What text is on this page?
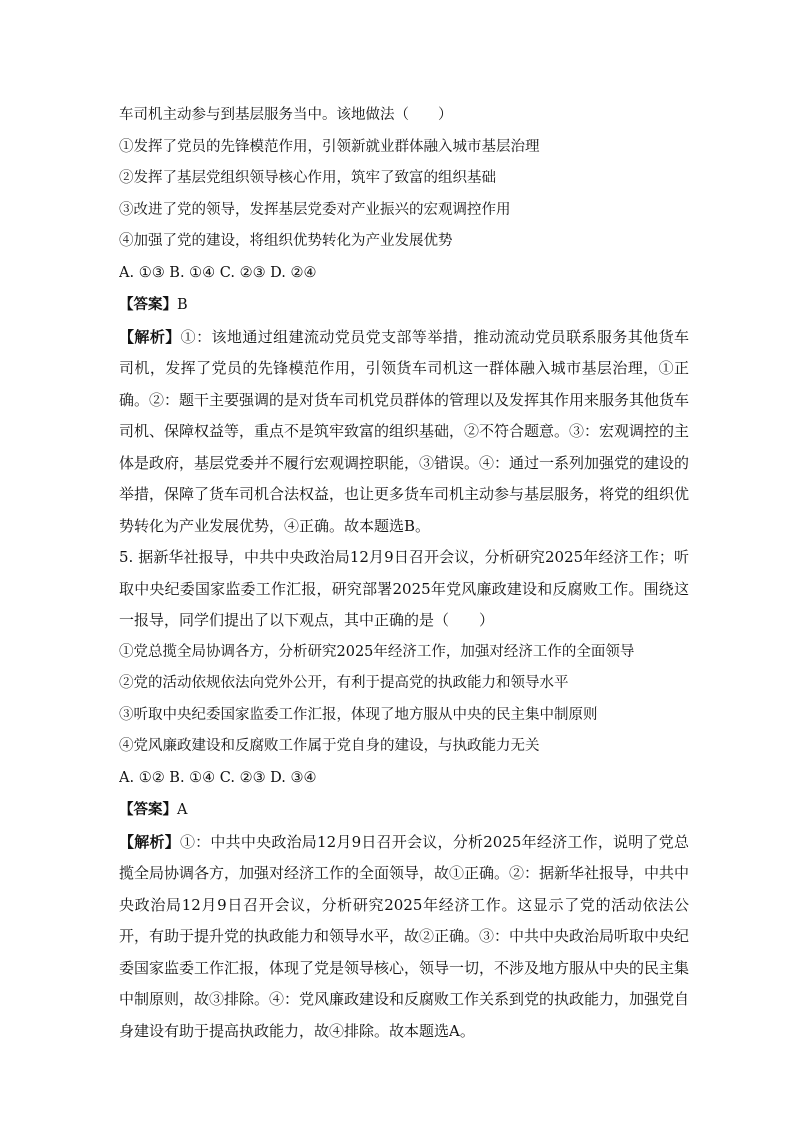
车司机主动参与到基层服务当中。该地做法（　　）
①发挥了党员的先锋模范作用，引领新就业群体融入城市基层治理
②发挥了基层党组织领导核心作用，筑牢了致富的组织基础
③改进了党的领导，发挥基层党委对产业振兴的宏观调控作用
④加强了党的建设，将组织优势转化为产业发展优势
A. ①③ B. ①④ C. ②③ D. ②④
【答案】B
【解析】①：该地通过组建流动党员党支部等举措，推动流动党员联系服务其他货车司机，发挥了党员的先锋模范作用，引领货车司机这一群体融入城市基层治理，①正确。②：题干主要强调的是对货车司机党员群体的管理以及发挥其作用来服务其他货车司机、保障权益等，重点不是筑牢致富的组织基础，②不符合题意。③：宏观调控的主体是政府，基层党委并不履行宏观调控职能，③错误。④：通过一系列加强党的建设的举措，保障了货车司机合法权益，也让更多货车司机主动参与基层服务，将党的组织优势转化为产业发展优势，④正确。故本题选B。
5. 据新华社报导，中共中央政治局12月9日召开会议，分析研究2025年经济工作；听取中央纪委国家监委工作汇报，研究部署2025年党风廉政建设和反腐败工作。围绕这一报导，同学们提出了以下观点，其中正确的是（　　）
①党总揽全局协调各方，分析研究2025年经济工作，加强对经济工作的全面领导
②党的活动依规依法向党外公开，有利于提高党的执政能力和领导水平
③听取中央纪委国家监委工作汇报，体现了地方服从中央的民主集中制原则
④党风廉政建设和反腐败工作属于党自身的建设，与执政能力无关
A. ①② B. ①④ C. ②③ D. ③④
【答案】A
【解析】①：中共中央政治局12月9日召开会议，分析2025年经济工作，说明了党总揽全局协调各方，加强对经济工作的全面领导，故①正确。②：据新华社报导，中共中央政治局12月9日召开会议，分析研究2025年经济工作。这显示了党的活动依法公开，有助于提升党的执政能力和领导水平，故②正确。③：中共中央政治局听取中央纪委国家监委工作汇报，体现了党是领导核心，领导一切，不涉及地方服从中央的民主集中制原则，故③排除。④：党风廉政建设和反腐败工作关系到党的执政能力，加强党自身建设有助于提高执政能力，故④排除。故本题选A。
